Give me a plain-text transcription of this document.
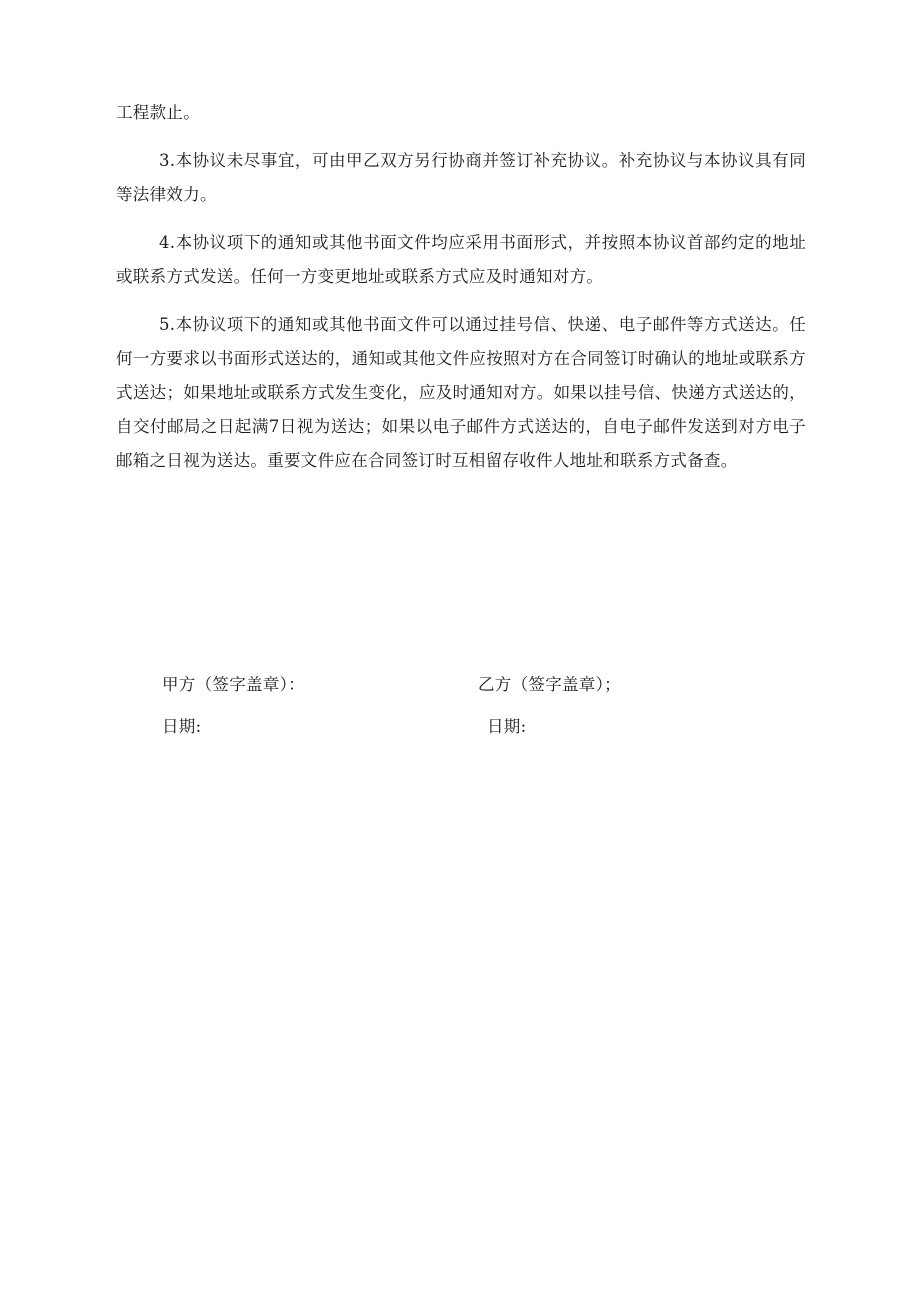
工程款止。

3.本协议未尽事宜，可由甲乙双方另行协商并签订补充协议。补充协议与本协议具有同等法律效力。

4.本协议项下的通知或其他书面文件均应采用书面形式，并按照本协议首部约定的地址或联系方式发送。任何一方变更地址或联系方式应及时通知对方。

5.本协议项下的通知或其他书面文件可以通过挂号信、快递、电子邮件等方式送达。任何一方要求以书面形式送达的，通知或其他文件应按照对方在合同签订时确认的地址或联系方式送达；如果地址或联系方式发生变化，应及时通知对方。如果以挂号信、快递方式送达的，自交付邮局之日起满7日视为送达；如果以电子邮件方式送达的，自电子邮件发送到对方电子邮箱之日视为送达。重要文件应在合同签订时互相留存收件人地址和联系方式备查。

甲方（签字盖章）：	乙方（签字盖章）；
日期:	日期:
